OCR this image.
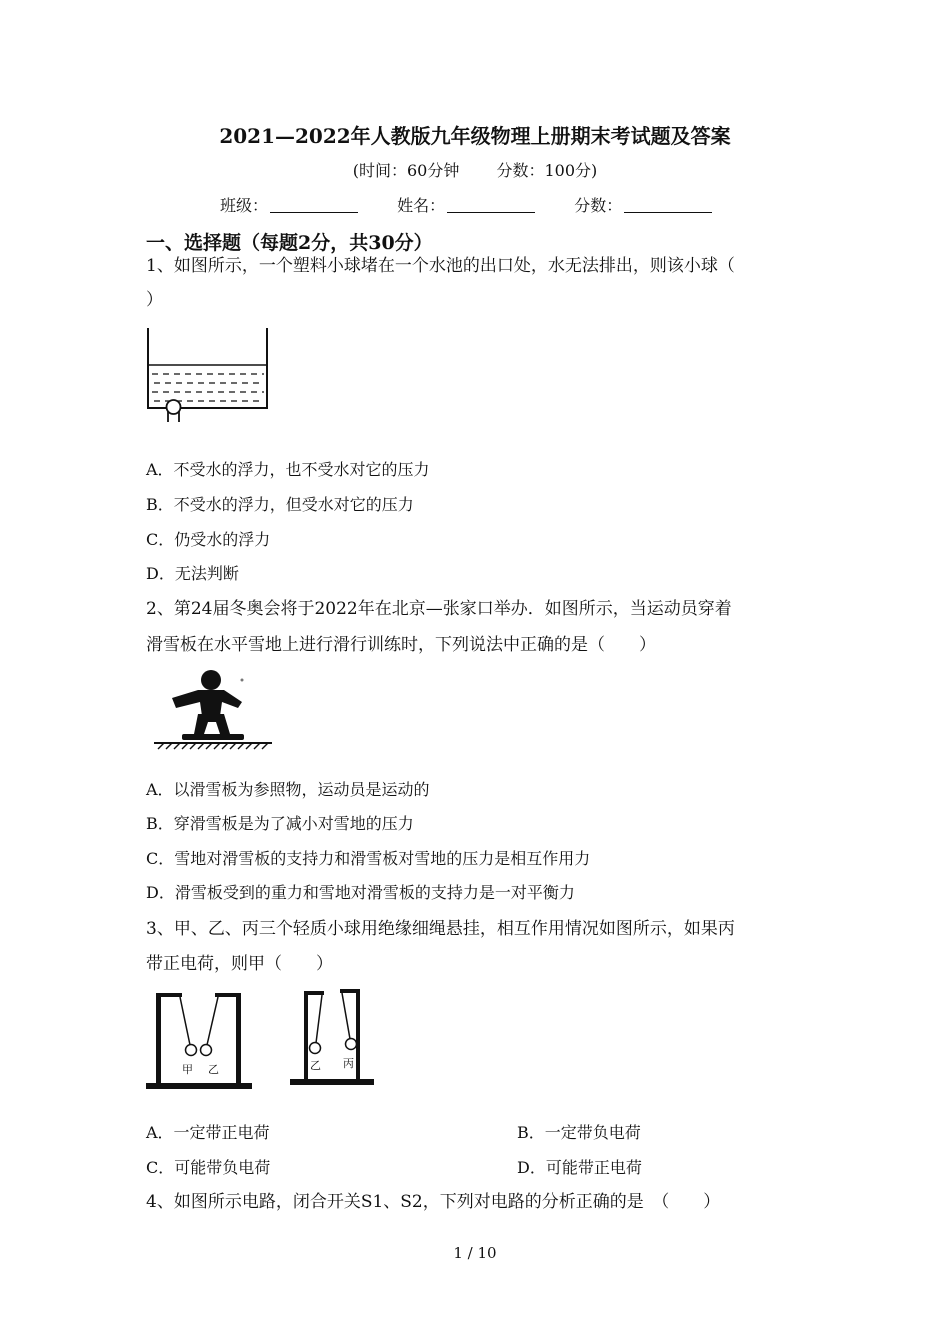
2021—2022年人教版九年级物理上册期末考试题及答案
(时间：60分钟 分数：100分)
班级：	姓名：	分数：
一、选择题（每题2分，共30分）
1、如图所示，一个塑料小球堵在一个水池的出口处，水无法排出，则该小球（
）
A．不受水的浮力，也不受水对它的压力
B．不受水的浮力，但受水对它的压力
C．仍受水的浮力
D．无法判断
2、第24届冬奥会将于2022年在北京—张家口举办．如图所示，当运动员穿着
滑雪板在水平雪地上进行滑行训练时，下列说法中正确的是（　　）
A．以滑雪板为参照物，运动员是运动的
B．穿滑雪板是为了减小对雪地的压力
C．雪地对滑雪板的支持力和滑雪板对雪地的压力是相互作用力
D．滑雪板受到的重力和雪地对滑雪板的支持力是一对平衡力
3、甲、乙、丙三个轻质小球用绝缘细绳悬挂，相互作用情况如图所示，如果丙
带正电荷，则甲（　　）
甲 乙	乙 丙
A．一定带正电荷	B．一定带负电荷
C．可能带负电荷	D．可能带正电荷
4、如图所示电路，闭合开关S1、S2，下列对电路的分析正确的是　（　　）
1 / 10
